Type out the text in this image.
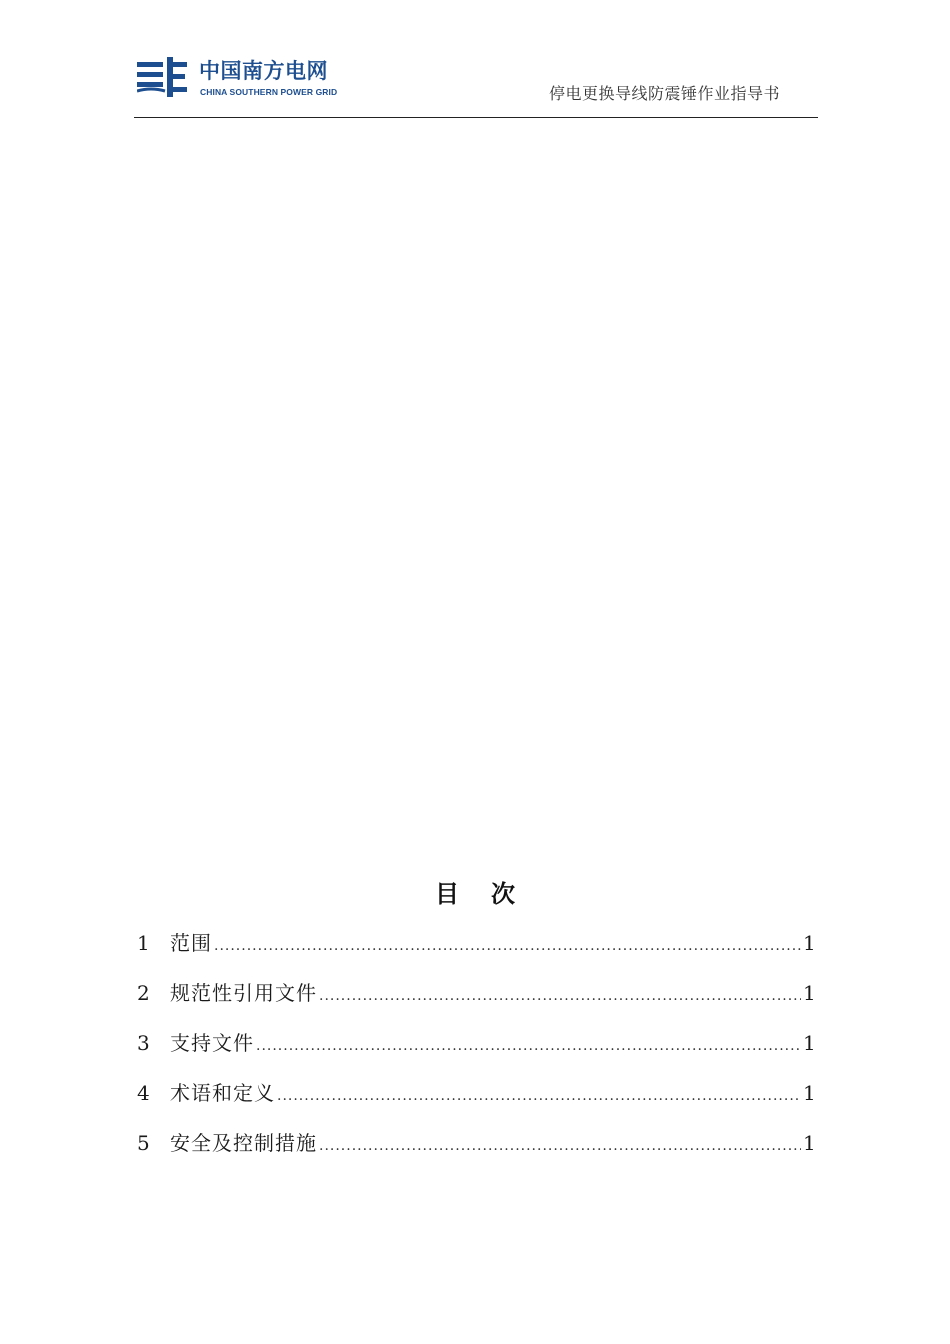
中国南方电网
CHINA SOUTHERN POWER GRID	停电更换导线防震锤作业指导书
目次
1	范围 .....	1
2	规范性引用文件 .....	1
3	支持文件 .....	1
4	术语和定义 .....	1
5	安全及控制措施 .....	1
